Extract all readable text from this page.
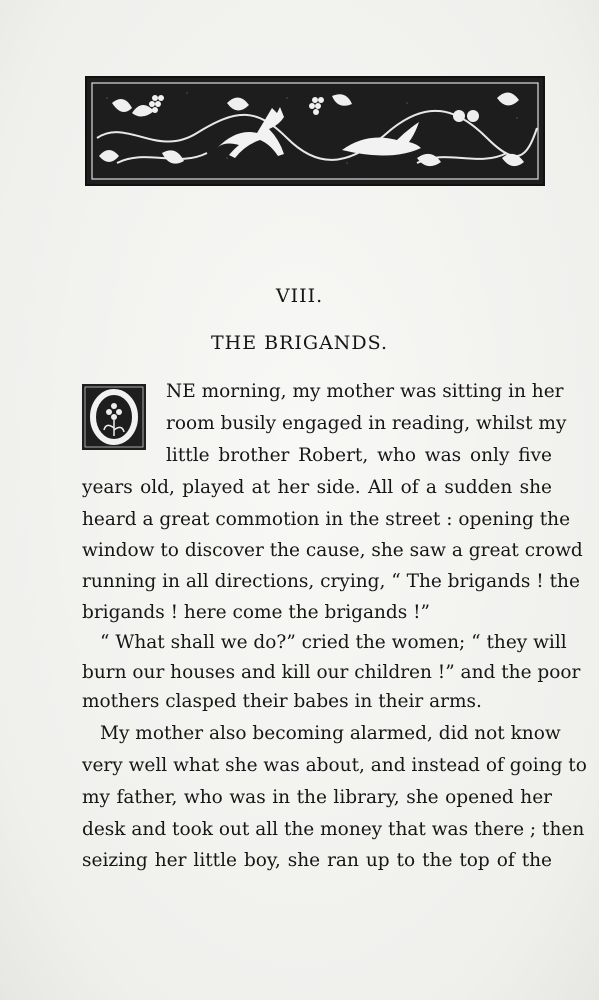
VIII.
THE BRIGANDS.
NE morning, my mother was sitting in her
room busily engaged in reading, whilst my
little brother Robert, who was only five
years old, played at her side. All of a sudden she
heard a great commotion in the street : opening the
window to discover the cause, she saw a great crowd
running in all directions, crying, “ The brigands ! the
brigands ! here come the brigands !”
“ What shall we do?” cried the women; “ they will
burn our houses and kill our children !” and the poor
mothers clasped their babes in their arms.
My mother also becoming alarmed, did not know
very well what she was about, and instead of going to
my father, who was in the library, she opened her
desk and took out all the money that was there ; then
seizing her little boy, she ran up to the top of the
